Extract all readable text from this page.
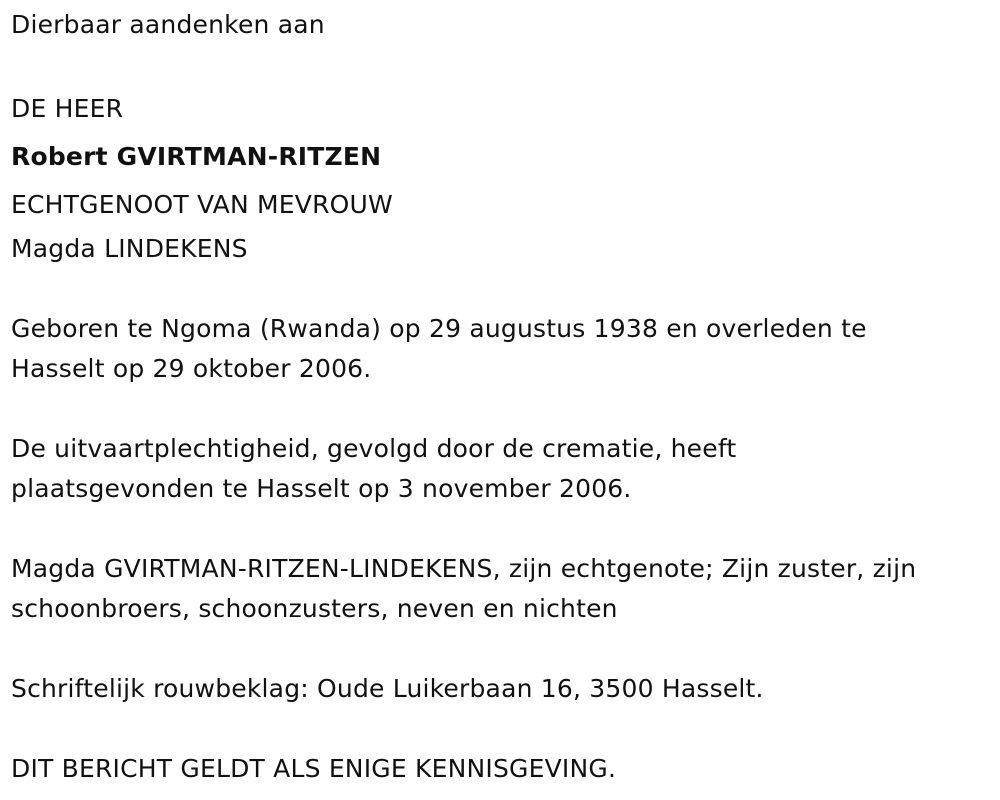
Dierbaar aandenken aan
DE HEER
Robert GVIRTMAN-RITZEN
ECHTGENOOT VAN MEVROUW
Magda LINDEKENS
Geboren te Ngoma (Rwanda) op 29 augustus 1938 en overleden te
Hasselt op 29 oktober 2006.
De uitvaartplechtigheid, gevolgd door de crematie, heeft
plaatsgevonden te Hasselt op 3 november 2006.
Magda GVIRTMAN-RITZEN-LINDEKENS, zijn echtgenote; Zijn zuster, zijn
schoonbroers, schoonzusters, neven en nichten
Schriftelijk rouwbeklag: Oude Luikerbaan 16, 3500 Hasselt.
DIT BERICHT GELDT ALS ENIGE KENNISGEVING.
